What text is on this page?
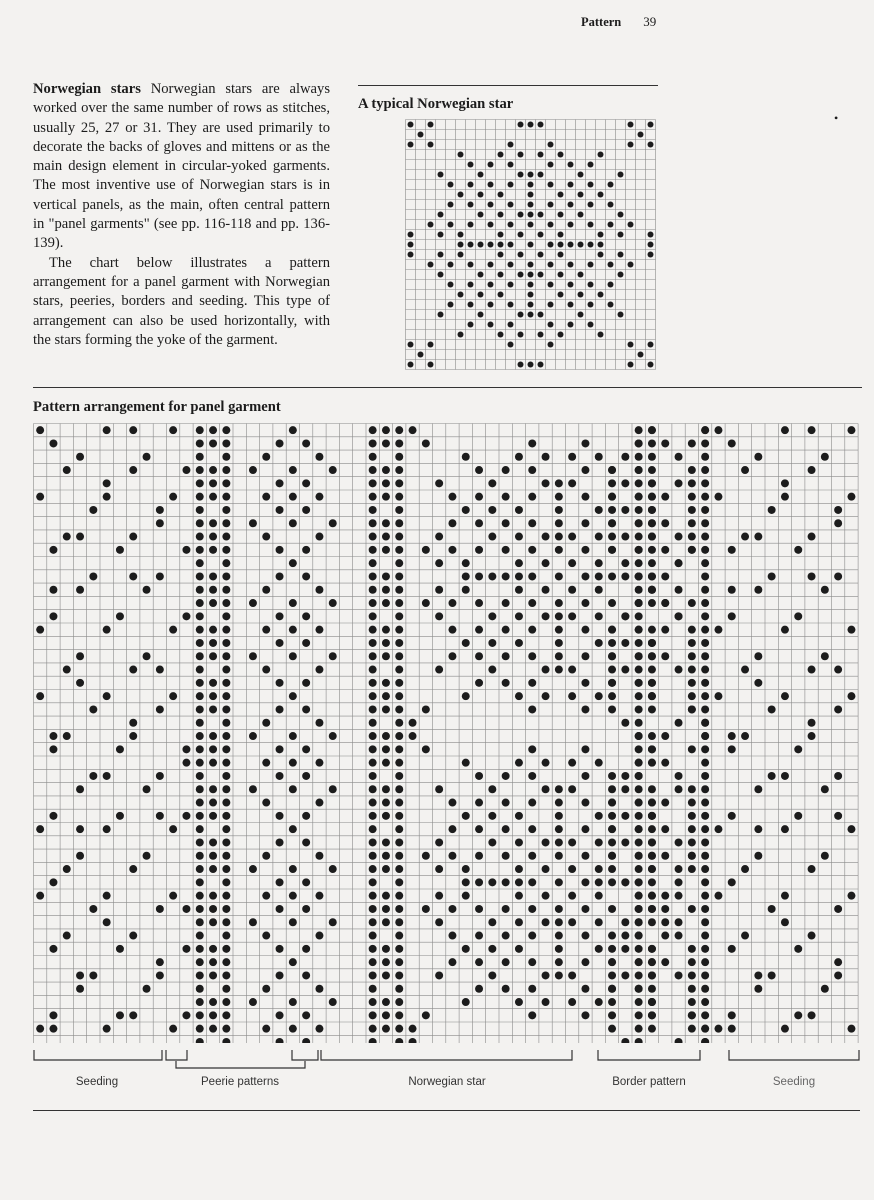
Pattern 39

Norwegian stars Norwegian stars are always worked over the same number of rows as stitches, usually 25, 27 or 31. They are used primarily to decorate the backs of gloves and mittens or as the main design element in circular-yoked garments. The most inventive use of Norwegian stars is in vertical panels, as the main, often central pattern in "panel garments" (see pp. 116-118 and pp. 136-139).

The chart below illustrates a pattern arrangement for a panel garment with Norwegian stars, peeries, borders and seeding. This type of arrangement can also be used horizontally, with the stars forming the yoke of the garment.

A typical Norwegian star
•
Pattern arrangement for panel garment
Seeding	Peerie patterns	Norwegian star	Border pattern	Seeding
